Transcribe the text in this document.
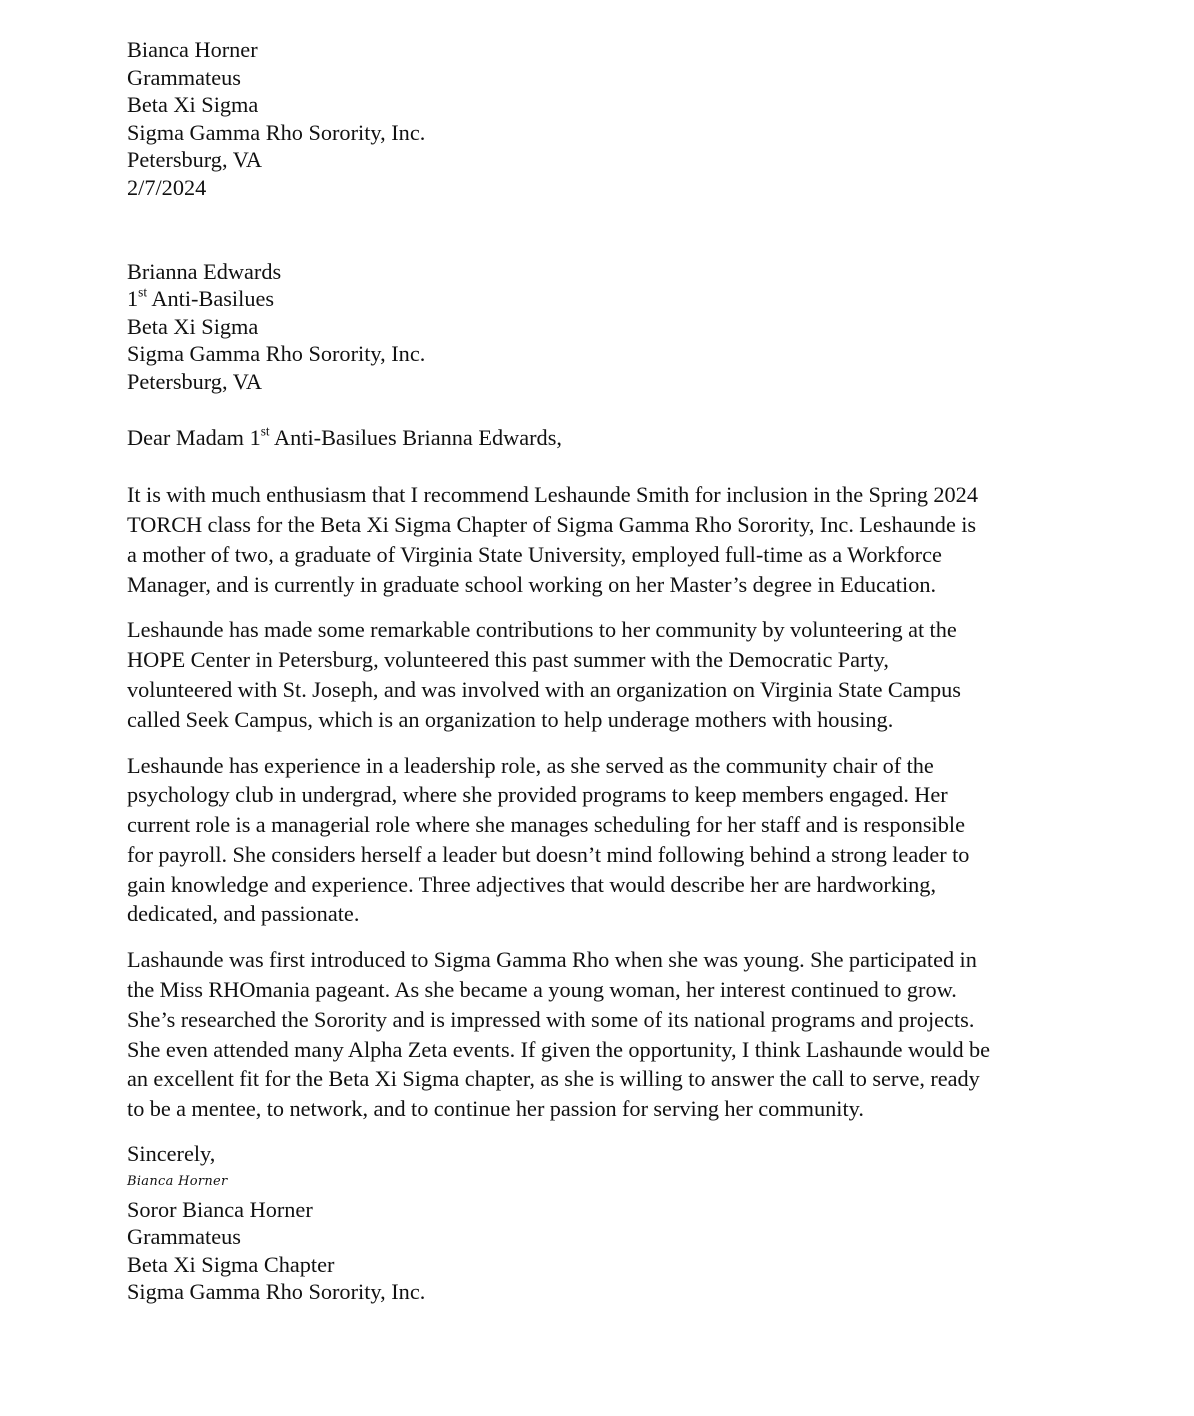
Bianca Horner
Grammateus
Beta Xi Sigma
Sigma Gamma Rho Sorority, Inc.
Petersburg, VA
2/7/2024
Brianna Edwards
1st Anti-Basilues
Beta Xi Sigma
Sigma Gamma Rho Sorority, Inc.
Petersburg, VA
Dear Madam 1st Anti-Basilues Brianna Edwards,
It is with much enthusiasm that I recommend Leshaunde Smith for inclusion in the Spring 2024
TORCH class for the Beta Xi Sigma Chapter of Sigma Gamma Rho Sorority, Inc. Leshaunde is
a mother of two, a graduate of Virginia State University, employed full-time as a Workforce
Manager, and is currently in graduate school working on her Master’s degree in Education.
Leshaunde has made some remarkable contributions to her community by volunteering at the
HOPE Center in Petersburg, volunteered this past summer with the Democratic Party,
volunteered with St. Joseph, and was involved with an organization on Virginia State Campus
called Seek Campus, which is an organization to help underage mothers with housing.
Leshaunde has experience in a leadership role, as she served as the community chair of the
psychology club in undergrad, where she provided programs to keep members engaged. Her
current role is a managerial role where she manages scheduling for her staff and is responsible
for payroll. She considers herself a leader but doesn’t mind following behind a strong leader to
gain knowledge and experience. Three adjectives that would describe her are hardworking,
dedicated, and passionate.
Lashaunde was first introduced to Sigma Gamma Rho when she was young. She participated in
the Miss RHOmania pageant. As she became a young woman, her interest continued to grow.
She’s researched the Sorority and is impressed with some of its national programs and projects.
She even attended many Alpha Zeta events. If given the opportunity, I think Lashaunde would be
an excellent fit for the Beta Xi Sigma chapter, as she is willing to answer the call to serve, ready
to be a mentee, to network, and to continue her passion for serving her community.
Sincerely,
Bianca Horner
Soror Bianca Horner
Grammateus
Beta Xi Sigma Chapter
Sigma Gamma Rho Sorority, Inc.
